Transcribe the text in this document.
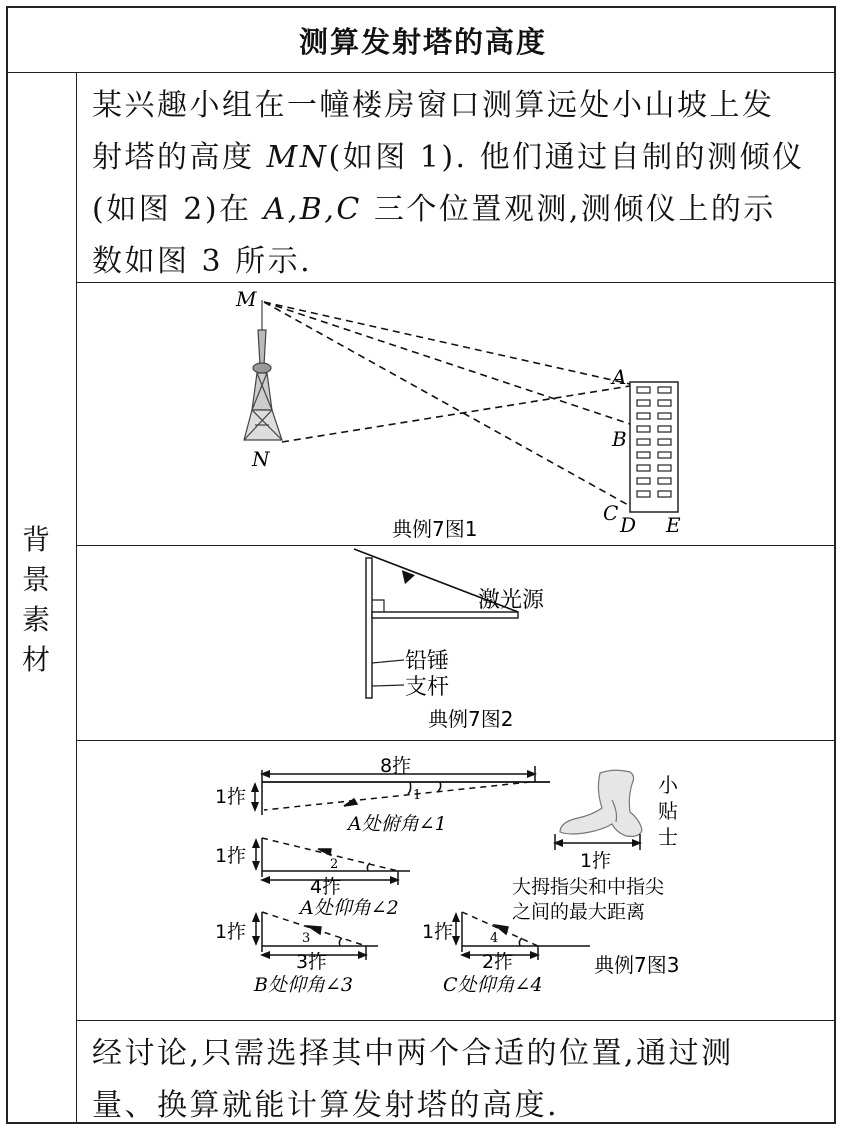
测算发射塔的高度
背
景
素
材
某兴趣小组在一幢楼房窗口测算远处小山坡上发
射塔的高度 MN(如图 1). 他们通过自制的测倾仪
(如图 2)在 A,B,C 三个位置观测,测倾仪上的示
数如图 3 所示.
经讨论,只需选择其中两个合适的位置,通过测
量、换算就能计算发射塔的高度.
M
N
A
B
C D E
典例7图1
激光源
铅锤
支杆
典例7图2
8拃
1拃	1
A处俯角∠1
1拃	2
4拃
A处仰角∠2
1拃	3
3拃
B处仰角∠3
1拃	4
2拃
C处仰角∠4
小
贴
士
1拃
大拇指尖和中指尖
之间的最大距离
典例7图3
